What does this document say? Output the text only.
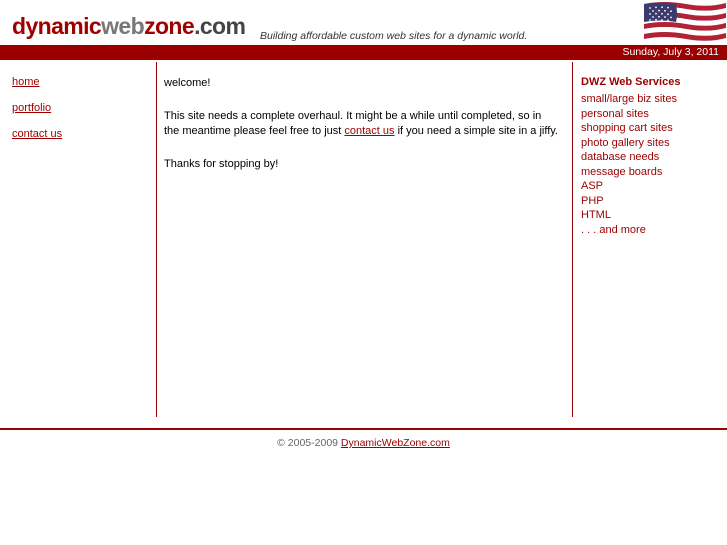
dynamicwebzone.com Building affordable custom web sites for a dynamic world.
Sunday, July 3, 2011
home
portfolio
contact us

welcome!

This site needs a complete overhaul. It might be a while until completed, so in the meantime please feel free to just contact us if you need a simple site in a jiffy.

Thanks for stopping by!

DWZ Web Services
small/large biz sites
personal sites
shopping cart sites
photo gallery sites
database needs
message boards
ASP
PHP
HTML
. . . and more
© 2005-2009 DynamicWebZone.com
